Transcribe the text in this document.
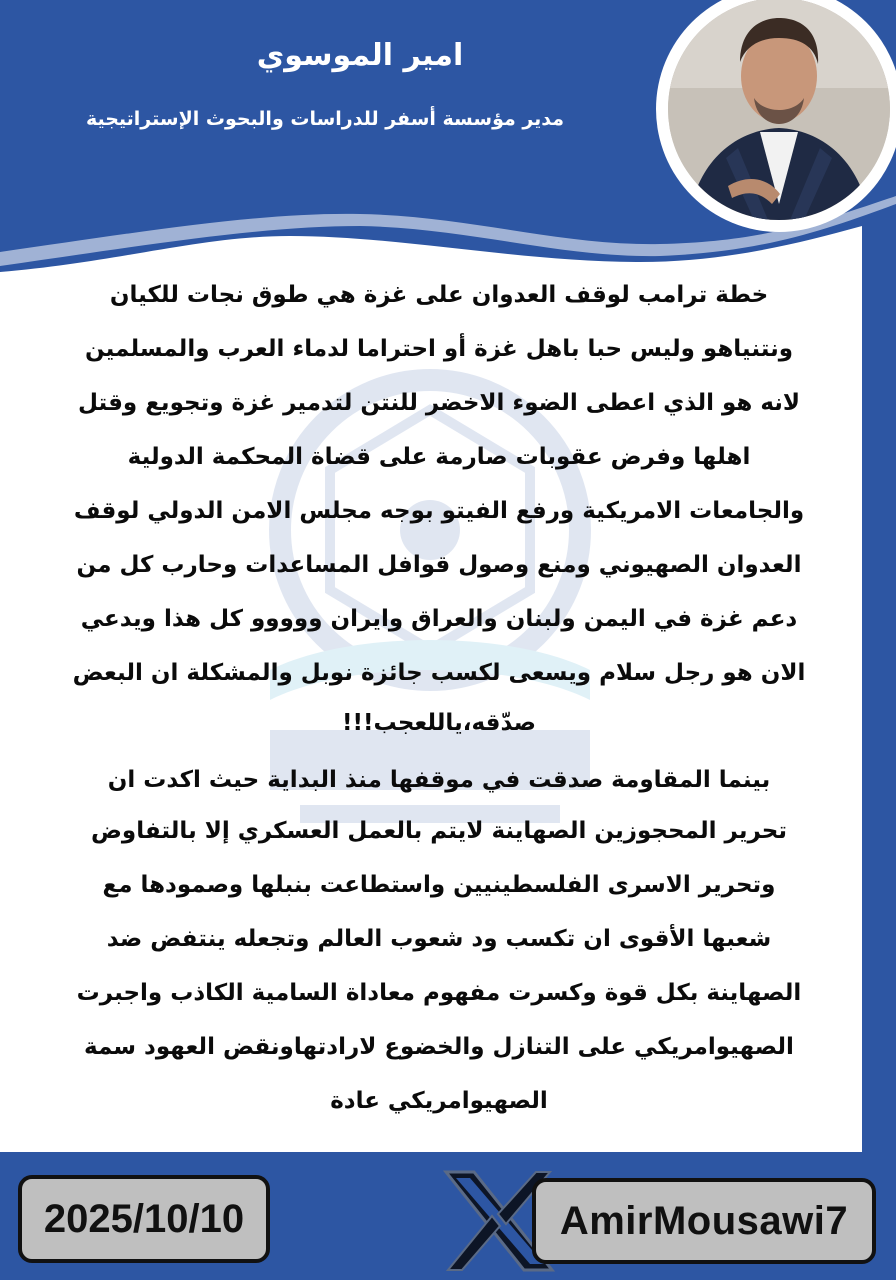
امير الموسوي
مدير مؤسسة أسفر للدراسات والبحوث الإستراتيجية
خطة ترامب لوقف العدوان على غزة هي طوق نجات للكيان
ونتنياهو وليس حبا باهل غزة أو احتراما لدماء العرب والمسلمين
لانه هو الذي اعطى الضوء الاخضر للنتن لتدمير غزة وتجويع وقتل
اهلها وفرض عقوبات صارمة على قضاة المحكمة الدولية
والجامعات الامريكية ورفع الفيتو بوجه مجلس الامن الدولي لوقف
العدوان الصهيوني ومنع وصول قوافل المساعدات وحارب كل من
دعم غزة في اليمن ولبنان والعراق وايران ووووو كل هذا ويدعي
الان هو رجل سلام ويسعى لكسب جائزة نوبل والمشكلة ان البعض
صدّقه،ياللعجب!!!
بينما المقاومة صدقت في موقفها منذ البداية حيث اكدت ان
تحرير المحجوزين الصهاينة لايتم بالعمل العسكري إلا بالتفاوض
وتحرير الاسرى الفلسطينيين واستطاعت بنبلها وصمودها مع
شعبها الأقوى ان تكسب ود شعوب العالم وتجعله ينتفض ضد
الصهاينة بكل قوة وكسرت مفهوم معاداة السامية الكاذب واجبرت
الصهيوامريكي على التنازل والخضوع لارادتهاونقض العهود سمة
الصهيوامريكي عادة
2025/10/10	AmirMousawi7
